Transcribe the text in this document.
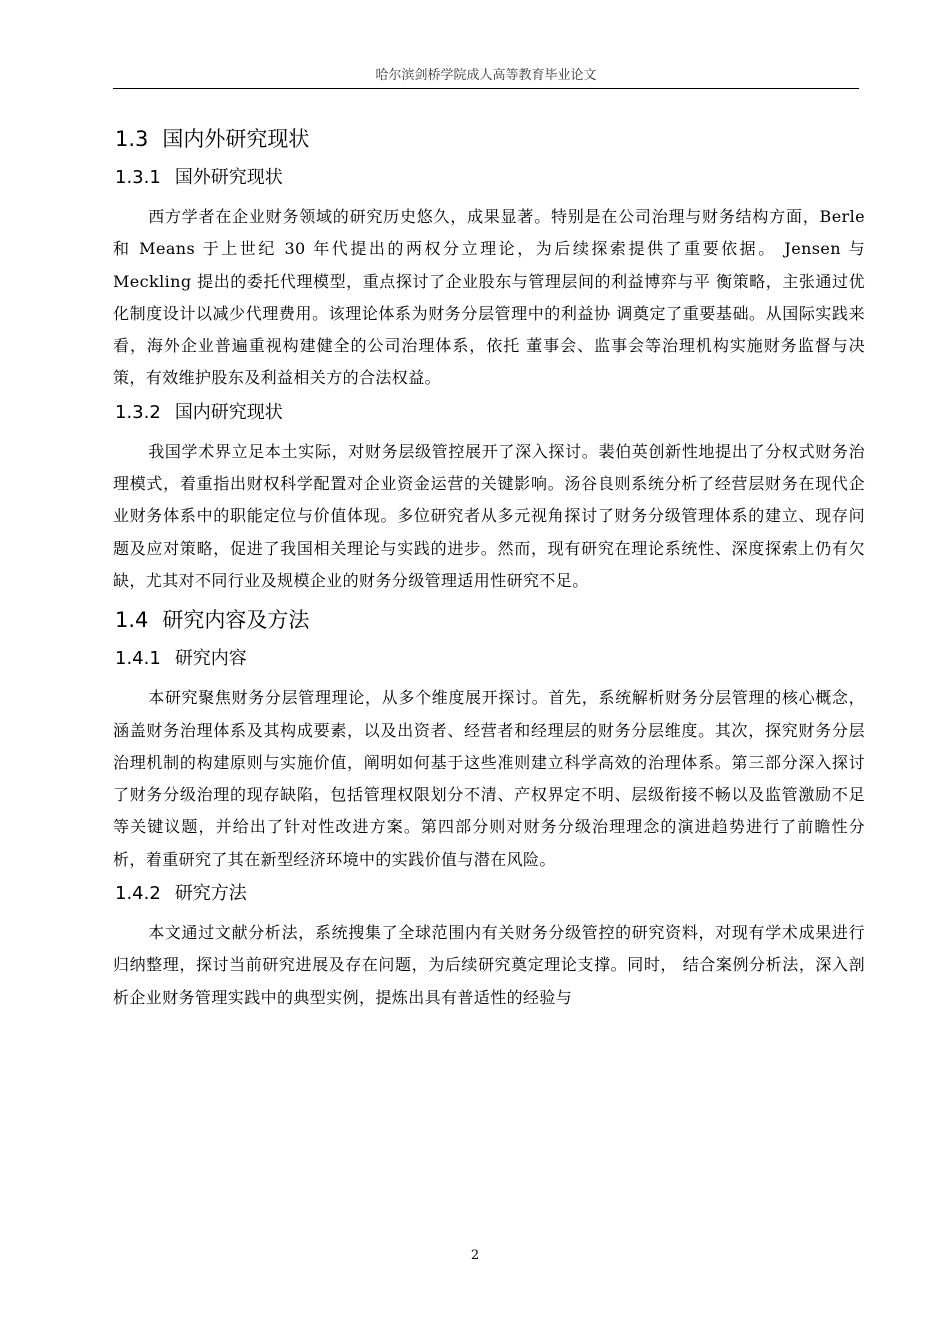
哈尔滨剑桥学院成人高等教育毕业论文
1.3 国内外研究现状
1.3.1 国外研究现状

西方学者在企业财务领域的研究历史悠久，成果显著。特别是在公司治理与财务结构方面，Berle 和 Means 于上世纪 30 年代提出的两权分立理论，为后续探索提供了重要依据。 Jensen 与 Meckling 提出的委托代理模型，重点探讨了企业股东与管理层间的利益博弈与平 衡策略，主张通过优化制度设计以减少代理费用。该理论体系为财务分层管理中的利益协 调奠定了重要基础。从国际实践来看，海外企业普遍重视构建健全的公司治理体系，依托 董事会、监事会等治理机构实施财务监督与决策，有效维护股东及利益相关方的合法权益。

1.3.2 国内研究现状

我国学术界立足本土实际，对财务层级管控展开了深入探讨。裴伯英创新性地提出了分权式财务治理模式，着重指出财权科学配置对企业资金运营的关键影响。汤谷良则系统分析了经营层财务在现代企业财务体系中的职能定位与价值体现。多位研究者从多元视角探讨了财务分级管理体系的建立、现存问题及应对策略，促进了我国相关理论与实践的进步。然而，现有研究在理论系统性、深度探索上仍有欠缺，尤其对不同行业及规模企业的财务分级管理适用性研究不足。

1.4 研究内容及方法
1.4.1 研究内容

本研究聚焦财务分层管理理论，从多个维度展开探讨。首先，系统解析财务分层管理的核心概念，涵盖财务治理体系及其构成要素，以及出资者、经营者和经理层的财务分层维度。其次，探究财务分层治理机制的构建原则与实施价值，阐明如何基于这些准则建立科学高效的治理体系。第三部分深入探讨了财务分级治理的现存缺陷，包括管理权限划分不清、产权界定不明、层级衔接不畅以及监管激励不足等关键议题，并给出了针对性改进方案。第四部分则对财务分级治理理念的演进趋势进行了前瞻性分析，着重研究了其在新型经济环境中的实践价值与潜在风险。

1.4.2 研究方法

本文通过文献分析法，系统搜集了全球范围内有关财务分级管控的研究资料，对现有学术成果进行归纳整理，探讨当前研究进展及存在问题，为后续研究奠定理论支撑。同时， 结合案例分析法，深入剖析企业财务管理实践中的典型实例，提炼出具有普适性的经验与

2
